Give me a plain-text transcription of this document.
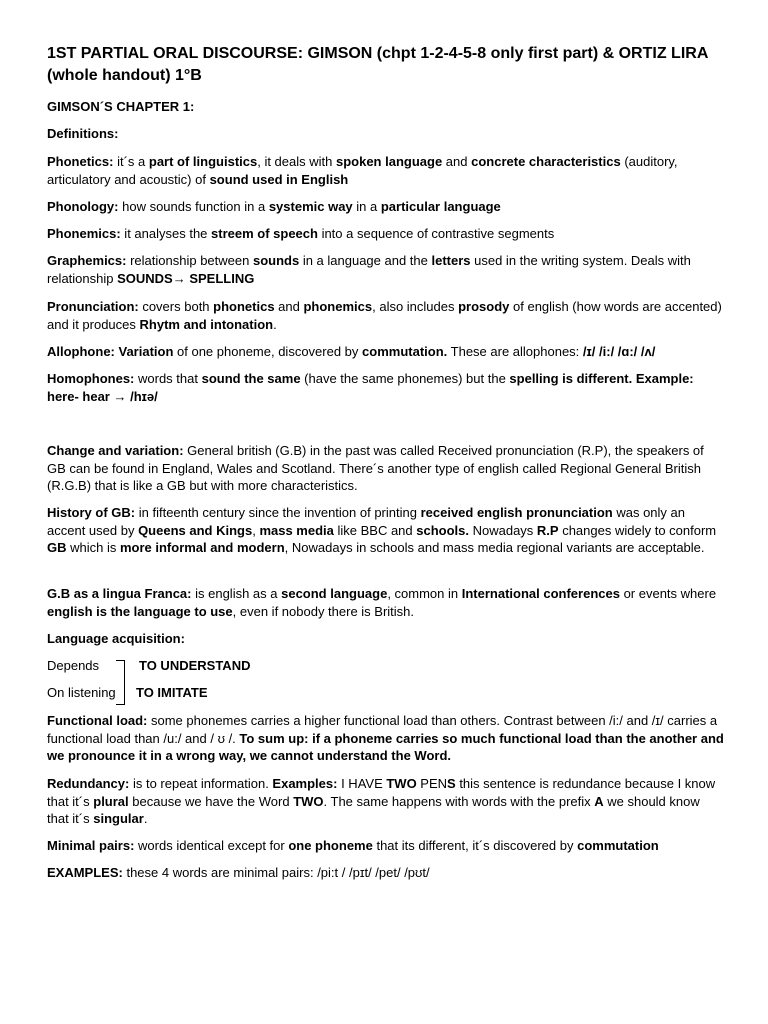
1ST PARTIAL ORAL DISCOURSE: GIMSON (chpt 1-2-4-5-8 only first part) & ORTIZ LIRA (whole handout) 1°B

GIMSON´S CHAPTER 1:

Definitions:

Phonetics: it´s a part of linguistics, it deals with spoken language and concrete characteristics (auditory, articulatory and acoustic) of sound used in English

Phonology: how sounds function in a systemic way in a particular language

Phonemics: it analyses the streem of speech into a sequence of contrastive segments

Graphemics: relationship between sounds in a language and the letters used in the writing system. Deals with relationship SOUNDS→ SPELLING

Pronunciation: covers both phonetics and phonemics, also includes prosody of english (how words are accented) and it produces Rhytm and intonation.

Allophone: Variation of one phoneme, discovered by commutation. These are allophones: /ɪ/ /i:/ /ɑ:/ /ʌ/

Homophones: words that sound the same (have the same phonemes) but the spelling is different. Example: here- hear → /hɪə/

Change and variation: General british (G.B) in the past was called Received pronunciation (R.P), the speakers of GB can be found in England, Wales and Scotland. There´s another type of english called Regional General British (R.G.B) that is like a GB but with more characteristics.

History of GB: in fifteenth century since the invention of printing received english pronunciation was only an accent used by Queens and Kings, mass media like BBC and schools. Nowadays R.P changes widely to conform GB which is more informal and modern, Nowadays in schools and mass media regional variants are acceptable.

G.B as a lingua Franca: is english as a second language, common in International conferences or events where english is the language to use, even if nobody there is British.

Language acquisition:

Depends	TO UNDERSTAND
On listening TO IMITATE

Functional load: some phonemes carries a higher functional load than others. Contrast between /i:/ and /ɪ/ carries a functional load than /u:/ and / ʊ /. To sum up: if a phoneme carries so much functional load than the another and we pronounce it in a wrong way, we cannot understand the Word.

Redundancy: is to repeat information. Examples: I HAVE TWO PENS this sentence is redundance because I know that it´s plural because we have the Word TWO. The same happens with words with the prefix A we should know that it´s singular.

Minimal pairs: words identical except for one phoneme that its different, it´s discovered by commutation

EXAMPLES: these 4 words are minimal pairs: /pi:t / /pɪt/ /pet/ /pʊt/
